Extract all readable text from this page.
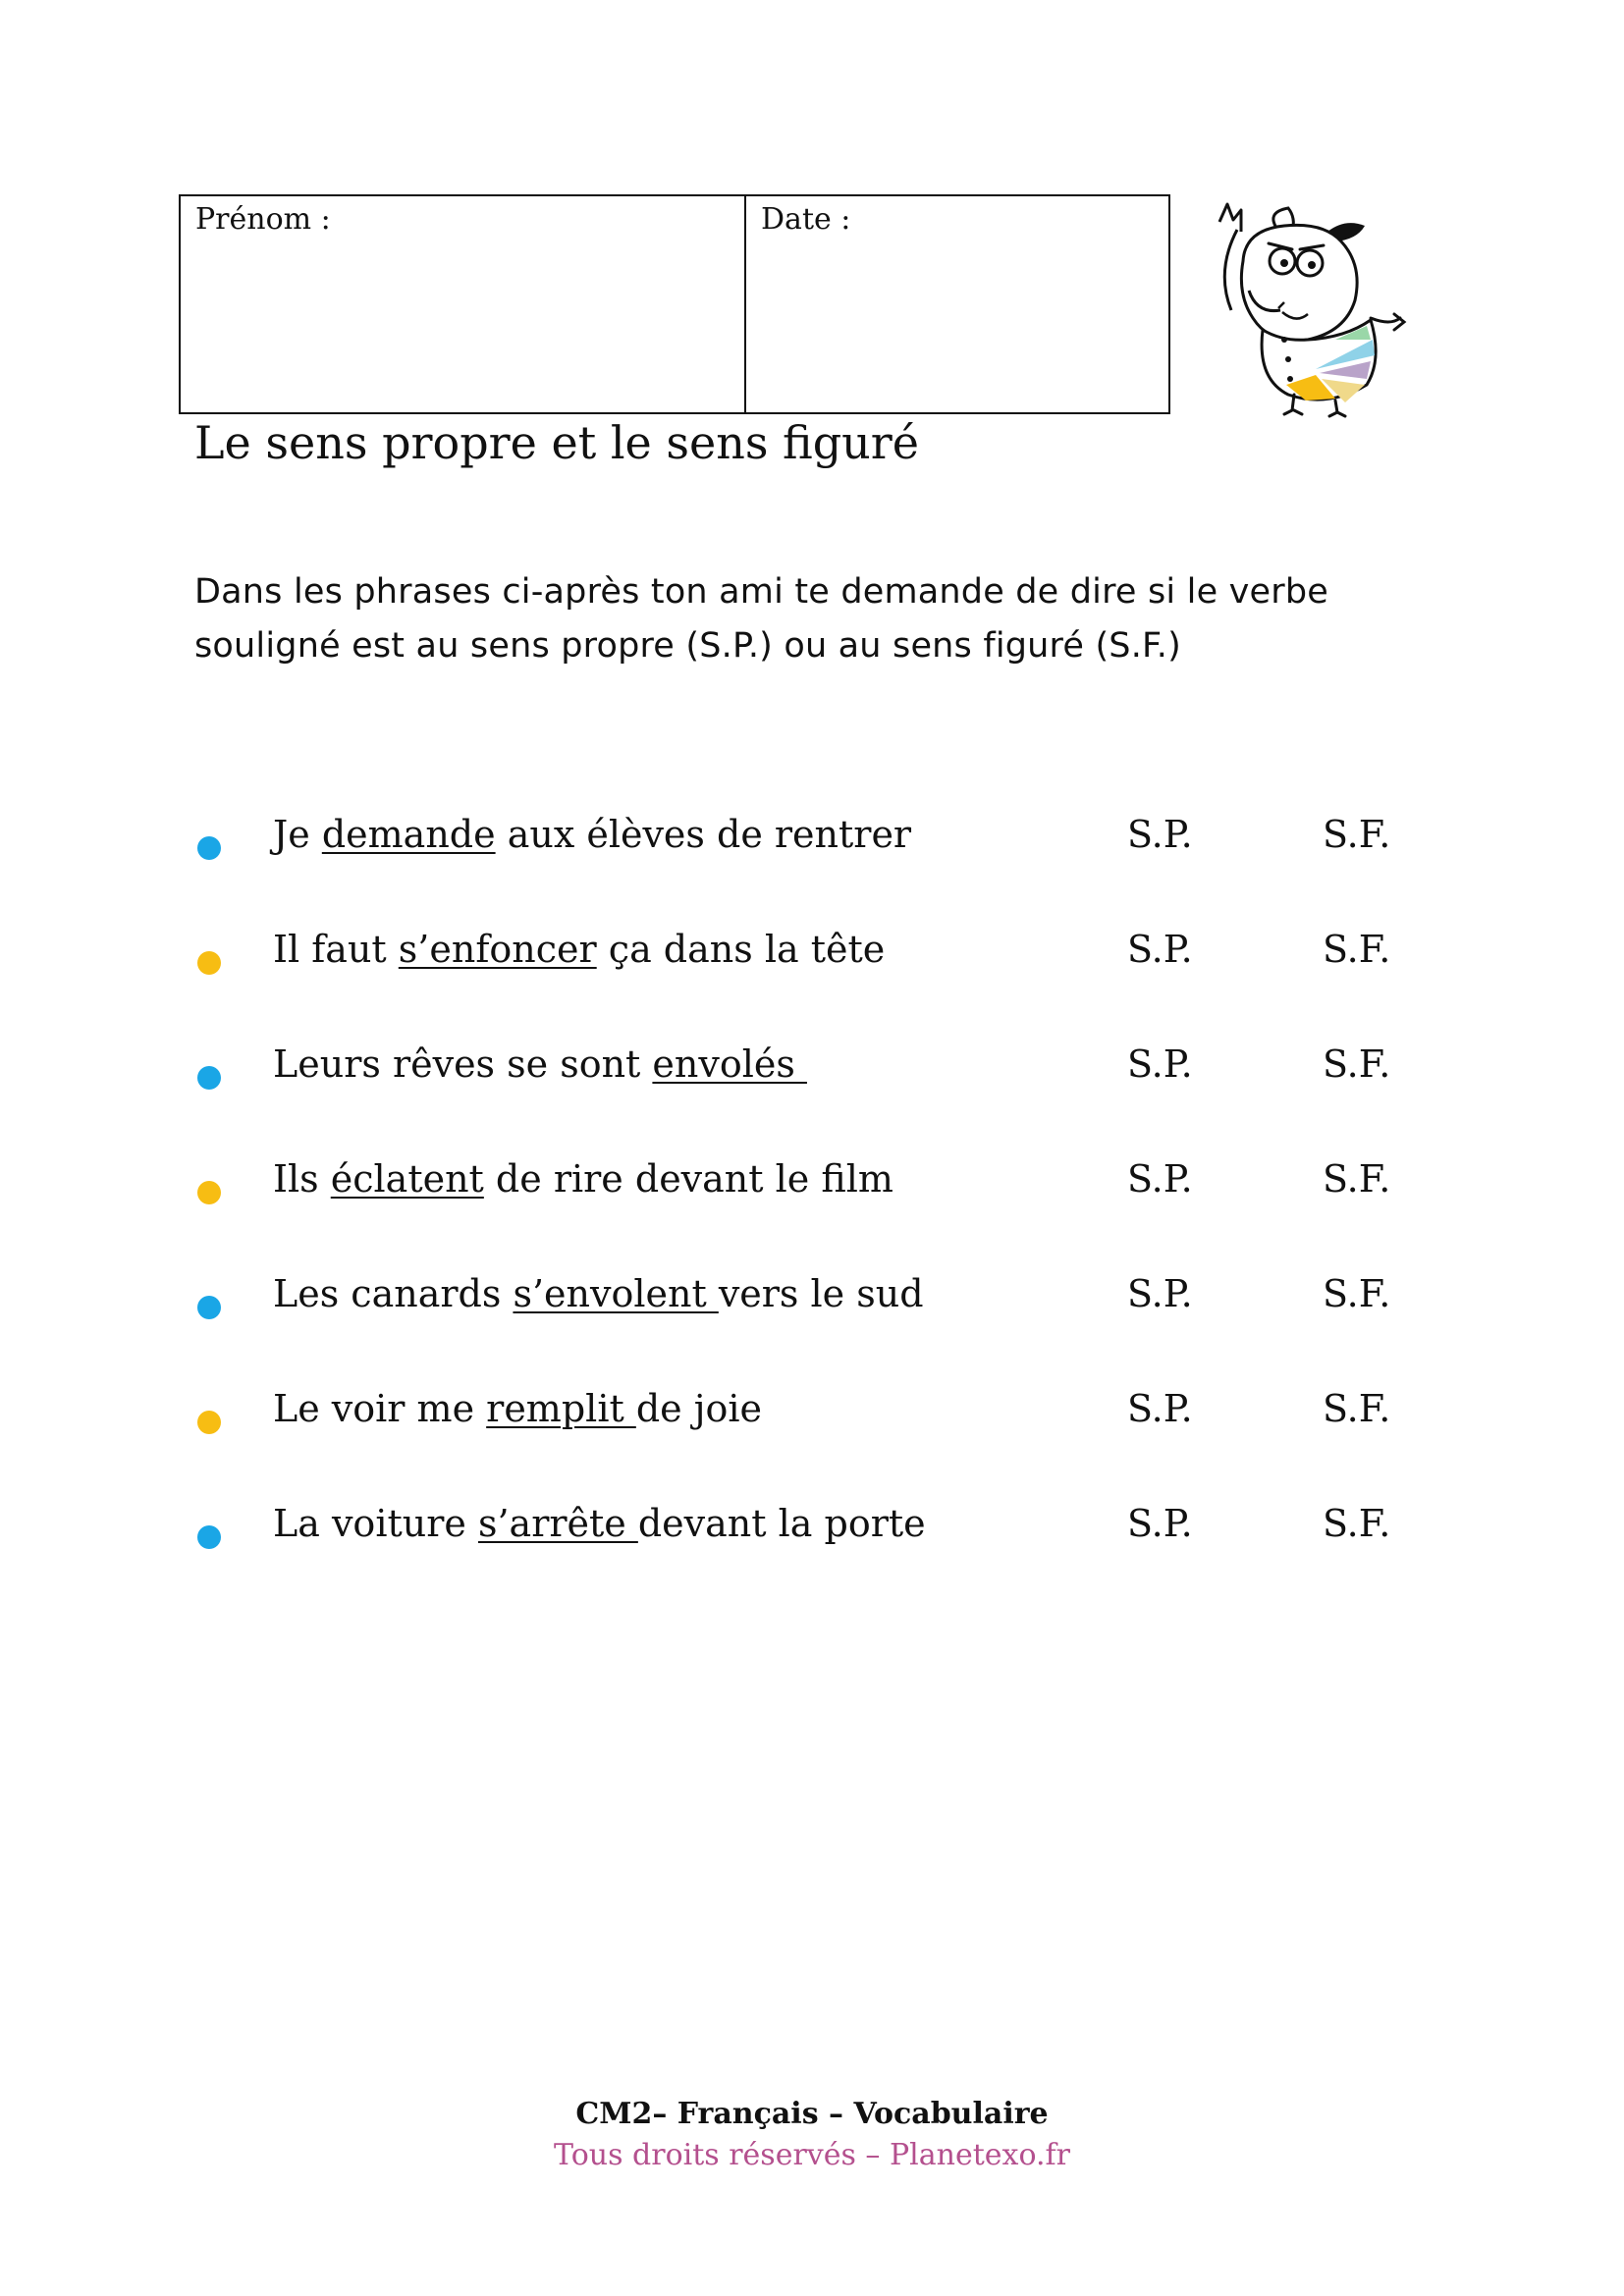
Prénom :	Date :
Le sens propre et le sens figuré
Dans les phrases ci-après ton ami te demande de dire si le verbe souligné est au sens propre (S.P.) ou au sens figuré (S.F.)
Je demande aux élèves de rentrer	S.P.	S.F.
Il faut s’enfoncer ça dans la tête	S.P.	S.F.
Leurs rêves se sont envolés	S.P.	S.F.
Ils éclatent de rire devant le film	S.P.	S.F.
Les canards s’envolent vers le sud	S.P.	S.F.
Le voir me remplit de joie	S.P.	S.F.
La voiture s’arrête devant la porte	S.P.	S.F.
CM2– Français – Vocabulaire
Tous droits réservés – Planetexo.fr
